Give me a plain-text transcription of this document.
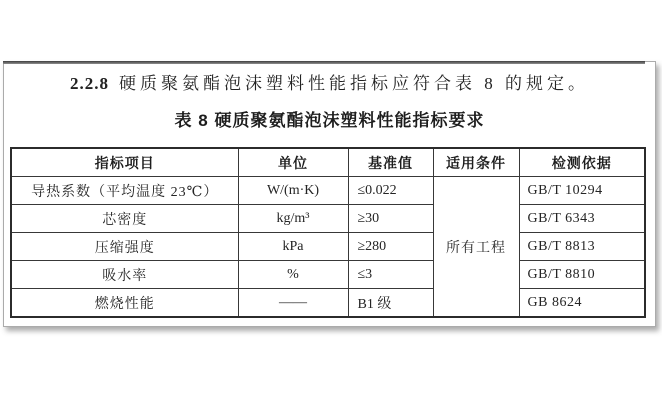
2.2.8 硬质聚氨酯泡沫塑料性能指标应符合表 8 的规定。

表 8 硬质聚氨酯泡沫塑料性能指标要求
指标项目	单位	基准值	适用条件	检测依据
导热系数（平均温度 23℃）	W/(m·K)	≤0.022	所有工程	GB/T 10294
芯密度	kg/m³	≥30		GB/T 6343
压缩强度	kPa	≥280		GB/T 8813
吸水率	%	≤3		GB/T 8810
燃烧性能	——	B1 级		GB 8624
